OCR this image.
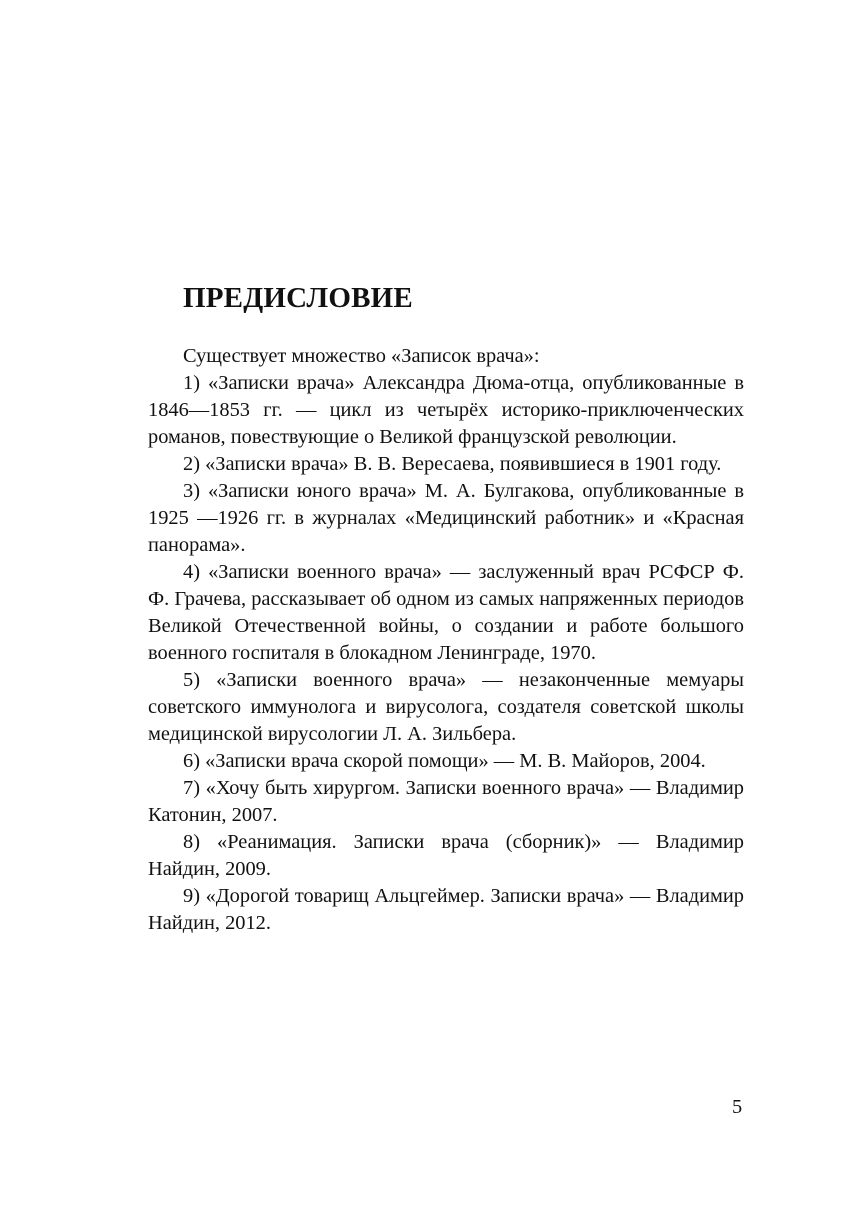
ПРЕДИСЛОВИЕ

Существует множество «Записок врача»:

1) «Записки врача» Александра Дюма-отца, опубликованные в 1846—1853 гг. — цикл из четырёх историко-приключенческих романов, повествующие о Великой французской революции.

2) «Записки врача» В. В. Вересаева, появившиеся в 1901 году.

3) «Записки юного врача» М. А. Булгакова, опубликованные в 1925 —1926 гг. в журналах «Медицинский работник» и «Красная панорама».

4) «Записки военного врача» — заслуженный врач РСФСР Ф. Ф. Грачева, рассказывает об одном из самых напряженных периодов Великой Отечественной войны, о создании и работе большого военного госпиталя в блокадном Ленинграде, 1970.

5) «Записки военного врача» — незаконченные мемуары советского иммунолога и вирусолога, создателя советской школы медицинской вирусологии Л. А. Зильбера.

6) «Записки врача скорой помощи» — М. В. Майоров, 2004.

7) «Хочу быть хирургом. Записки военного врача» — Владимир Катонин, 2007.

8) «Реанимация. Записки врача (сборник)» — Владимир Найдин, 2009.

9) «Дорогой товарищ Альцгеймер. Записки врача» — Владимир Найдин, 2012.

5
